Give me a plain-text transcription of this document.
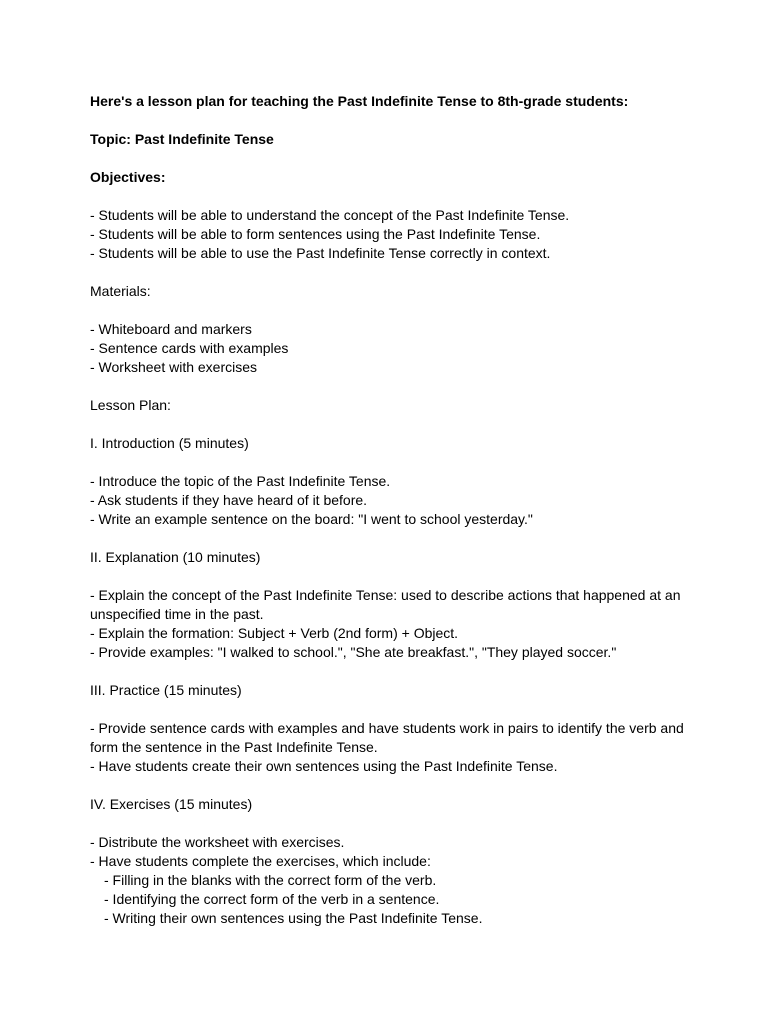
Here's a lesson plan for teaching the Past Indefinite Tense to 8th-grade students:
Topic: Past Indefinite Tense
Objectives:
- Students will be able to understand the concept of the Past Indefinite Tense.
- Students will be able to form sentences using the Past Indefinite Tense.
- Students will be able to use the Past Indefinite Tense correctly in context.
Materials:
- Whiteboard and markers
- Sentence cards with examples
- Worksheet with exercises
Lesson Plan:
I. Introduction (5 minutes)
- Introduce the topic of the Past Indefinite Tense.
- Ask students if they have heard of it before.
- Write an example sentence on the board: "I went to school yesterday."
II. Explanation (10 minutes)
- Explain the concept of the Past Indefinite Tense: used to describe actions that happened at an unspecified time in the past.
- Explain the formation: Subject + Verb (2nd form) + Object.
- Provide examples: "I walked to school.", "She ate breakfast.", "They played soccer."
III. Practice (15 minutes)
- Provide sentence cards with examples and have students work in pairs to identify the verb and form the sentence in the Past Indefinite Tense.
- Have students create their own sentences using the Past Indefinite Tense.
IV. Exercises (15 minutes)
- Distribute the worksheet with exercises.
- Have students complete the exercises, which include:
- Filling in the blanks with the correct form of the verb.
- Identifying the correct form of the verb in a sentence.
- Writing their own sentences using the Past Indefinite Tense.
